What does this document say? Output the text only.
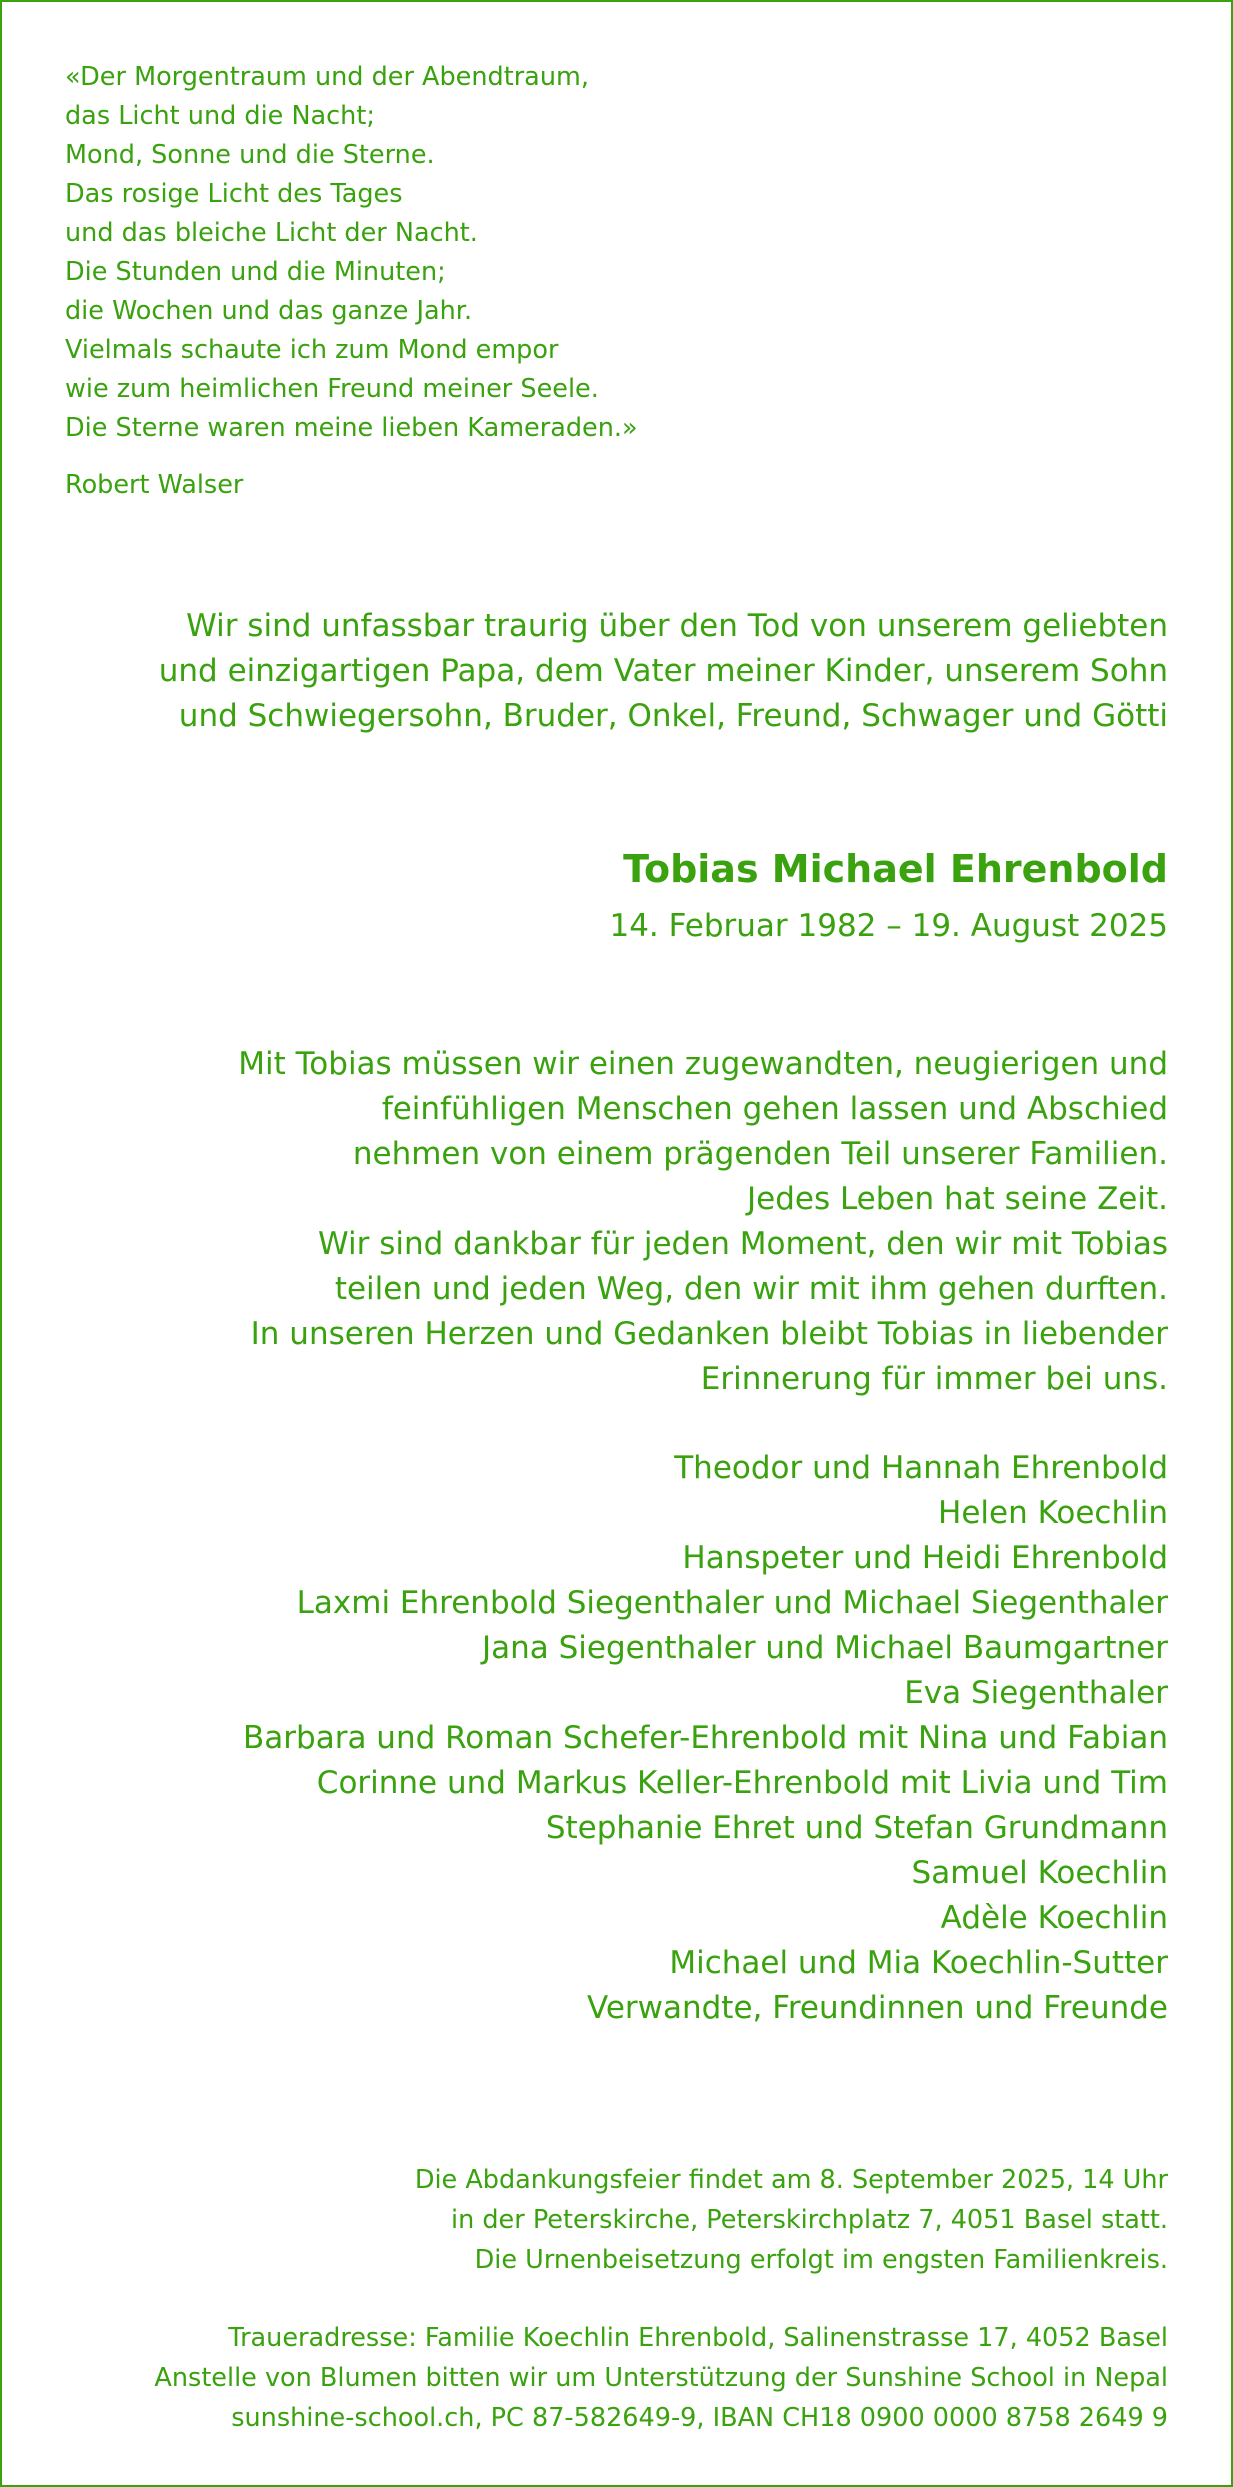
«Der Morgentraum und der Abendtraum,
das Licht und die Nacht;
Mond, Sonne und die Sterne.
Das rosige Licht des Tages
und das bleiche Licht der Nacht.
Die Stunden und die Minuten;
die Wochen und das ganze Jahr.
Vielmals schaute ich zum Mond empor
wie zum heimlichen Freund meiner Seele.
Die Sterne waren meine lieben Kameraden.»
Robert Walser
Wir sind unfassbar traurig über den Tod von unserem geliebten
und einzigartigen Papa, dem Vater meiner Kinder, unserem Sohn
und Schwiegersohn, Bruder, Onkel, Freund, Schwager und Götti
Tobias Michael Ehrenbold
14. Februar 1982 – 19. August 2025
Mit Tobias müssen wir einen zugewandten, neugierigen und
feinfühligen Menschen gehen lassen und Abschied
nehmen von einem prägenden Teil unserer Familien.
Jedes Leben hat seine Zeit.
Wir sind dankbar für jeden Moment, den wir mit Tobias
teilen und jeden Weg, den wir mit ihm gehen durften.
In unseren Herzen und Gedanken bleibt Tobias in liebender
Erinnerung für immer bei uns.
Theodor und Hannah Ehrenbold
Helen Koechlin
Hanspeter und Heidi Ehrenbold
Laxmi Ehrenbold Siegenthaler und Michael Siegenthaler
Jana Siegenthaler und Michael Baumgartner
Eva Siegenthaler
Barbara und Roman Schefer-Ehrenbold mit Nina und Fabian
Corinne und Markus Keller-Ehrenbold mit Livia und Tim
Stephanie Ehret und Stefan Grundmann
Samuel Koechlin
Adèle Koechlin
Michael und Mia Koechlin-Sutter
Verwandte, Freundinnen und Freunde
Die Abdankungsfeier findet am 8. September 2025, 14 Uhr
in der Peterskirche, Peterskirchplatz 7, 4051 Basel statt.
Die Urnenbeisetzung erfolgt im engsten Familienkreis.
Traueradresse: Familie Koechlin Ehrenbold, Salinenstrasse 17, 4052 Basel
Anstelle von Blumen bitten wir um Unterstützung der Sunshine School in Nepal
sunshine-school.ch, PC 87-582649-9, IBAN CH18 0900 0000 8758 2649 9
